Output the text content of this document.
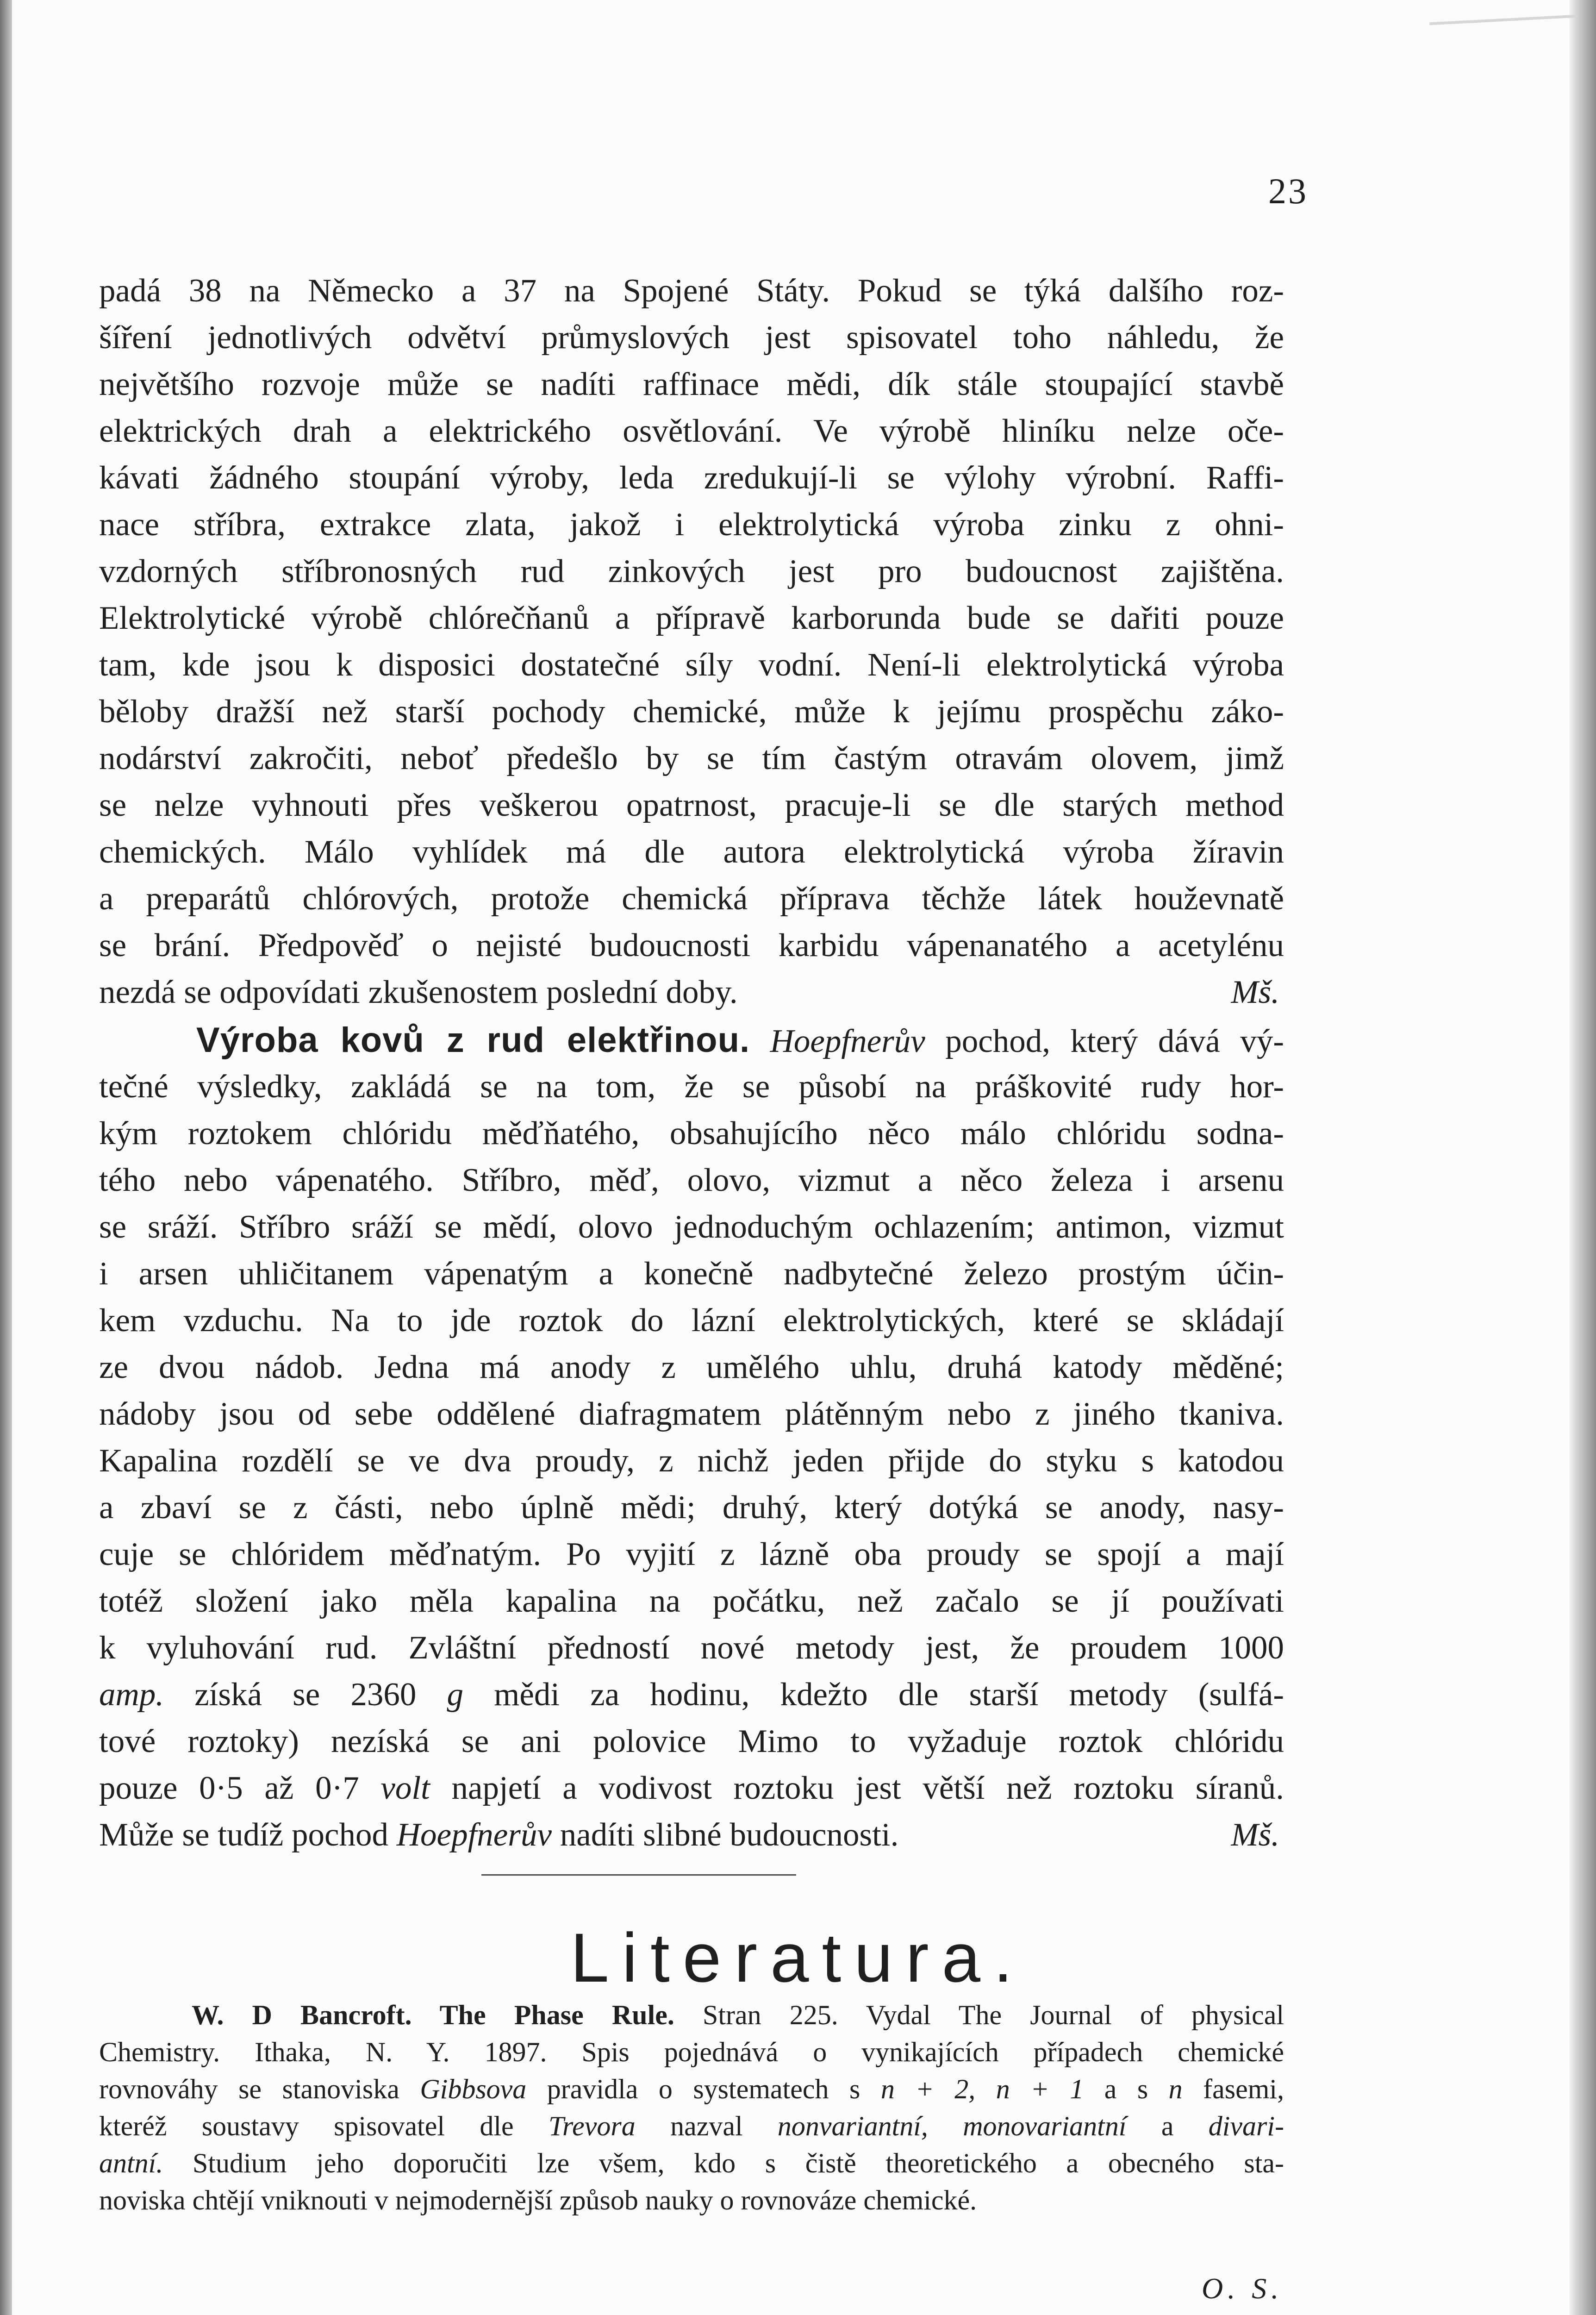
23
padá 38 na Německo a 37 na Spojené Státy. Pokud se týká dalšího roz-
šíření jednotlivých odvětví průmyslových jest spisovatel toho náhledu, že
největšího rozvoje může se nadíti raffinace mědi, dík stále stoupající stavbě
elektrických drah a elektrického osvětlování. Ve výrobě hliníku nelze oče-
kávati žádného stoupání výroby, leda zredukují-li se výlohy výrobní. Raffi-
nace stříbra, extrakce zlata, jakož i elektrolytická výroba zinku z ohni-
vzdorných stříbronosných rud zinkových jest pro budoucnost zajištěna.
Elektrolytické výrobě chlórečňanů a přípravě karborunda bude se dařiti pouze
tam, kde jsou k disposici dostatečné síly vodní. Není-li elektrolytická výroba
běloby dražší než starší pochody chemické, může k jejímu prospěchu záko-
nodárství zakročiti, neboť předešlo by se tím častým otravám olovem, jimž
se nelze vyhnouti přes veškerou opatrnost, pracuje-li se dle starých method
chemických. Málo vyhlídek má dle autora elektrolytická výroba žíravin
a preparátů chlórových, protože chemická příprava těchže látek houževnatě
se brání. Předpověď o nejisté budoucnosti karbidu vápenanatého a acetylénu
nezdá se odpovídati zkušenostem poslední doby.	Mš.
Výroba kovů z rud elektřinou. Hoepfnerův pochod, který dává vý-
tečné výsledky, zakládá se na tom, že se působí na práškovité rudy hor-
kým roztokem chlóridu měďňatého, obsahujícího něco málo chlóridu sodna-
tého nebo vápenatého. Stříbro, měď, olovo, vizmut a něco železa i arsenu
se sráží. Stříbro sráží se mědí, olovo jednoduchým ochlazením; antimon, vizmut
i arsen uhličitanem vápenatým a konečně nadbytečné železo prostým účin-
kem vzduchu. Na to jde roztok do lázní elektrolytických, které se skládají
ze dvou nádob. Jedna má anody z umělého uhlu, druhá katody měděné;
nádoby jsou od sebe oddělené diafragmatem plátěnným nebo z jiného tkaniva.
Kapalina rozdělí se ve dva proudy, z nichž jeden přijde do styku s katodou
a zbaví se z části, nebo úplně mědi; druhý, který dotýká se anody, nasy-
cuje se chlóridem měďnatým. Po vyjití z lázně oba proudy se spojí a mají
totéž složení jako měla kapalina na počátku, než začalo se jí používati
k vyluhování rud. Zvláštní předností nové metody jest, že proudem 1000
amp. získá se 2360 g mědi za hodinu, kdežto dle starší metody (sulfá-
tové roztoky) nezíská se ani polovice Mimo to vyžaduje roztok chlóridu
pouze 0·5 až 0·7 volt napjetí a vodivost roztoku jest větší než roztoku síranů.
Může se tudíž pochod Hoepfnerův nadíti slibné budoucnosti.	Mš.
Literatura.
W. D Bancroft. The Phase Rule. Stran 225. Vydal The Journal of physical
Chemistry. Ithaka, N. Y. 1897. Spis pojednává o vynikajících případech chemické
rovnováhy se stanoviska Gibbsova pravidla o systematech s n + 2, n + 1 a s n fasemi,
kteréž soustavy spisovatel dle Trevora nazval nonvariantní, monovariantní a divari-
antní. Studium jeho doporučiti lze všem, kdo s čistě theoretického a obecného sta-
noviska chtějí vniknouti v nejmodernější způsob nauky o rovnováze chemické.
O. S.
